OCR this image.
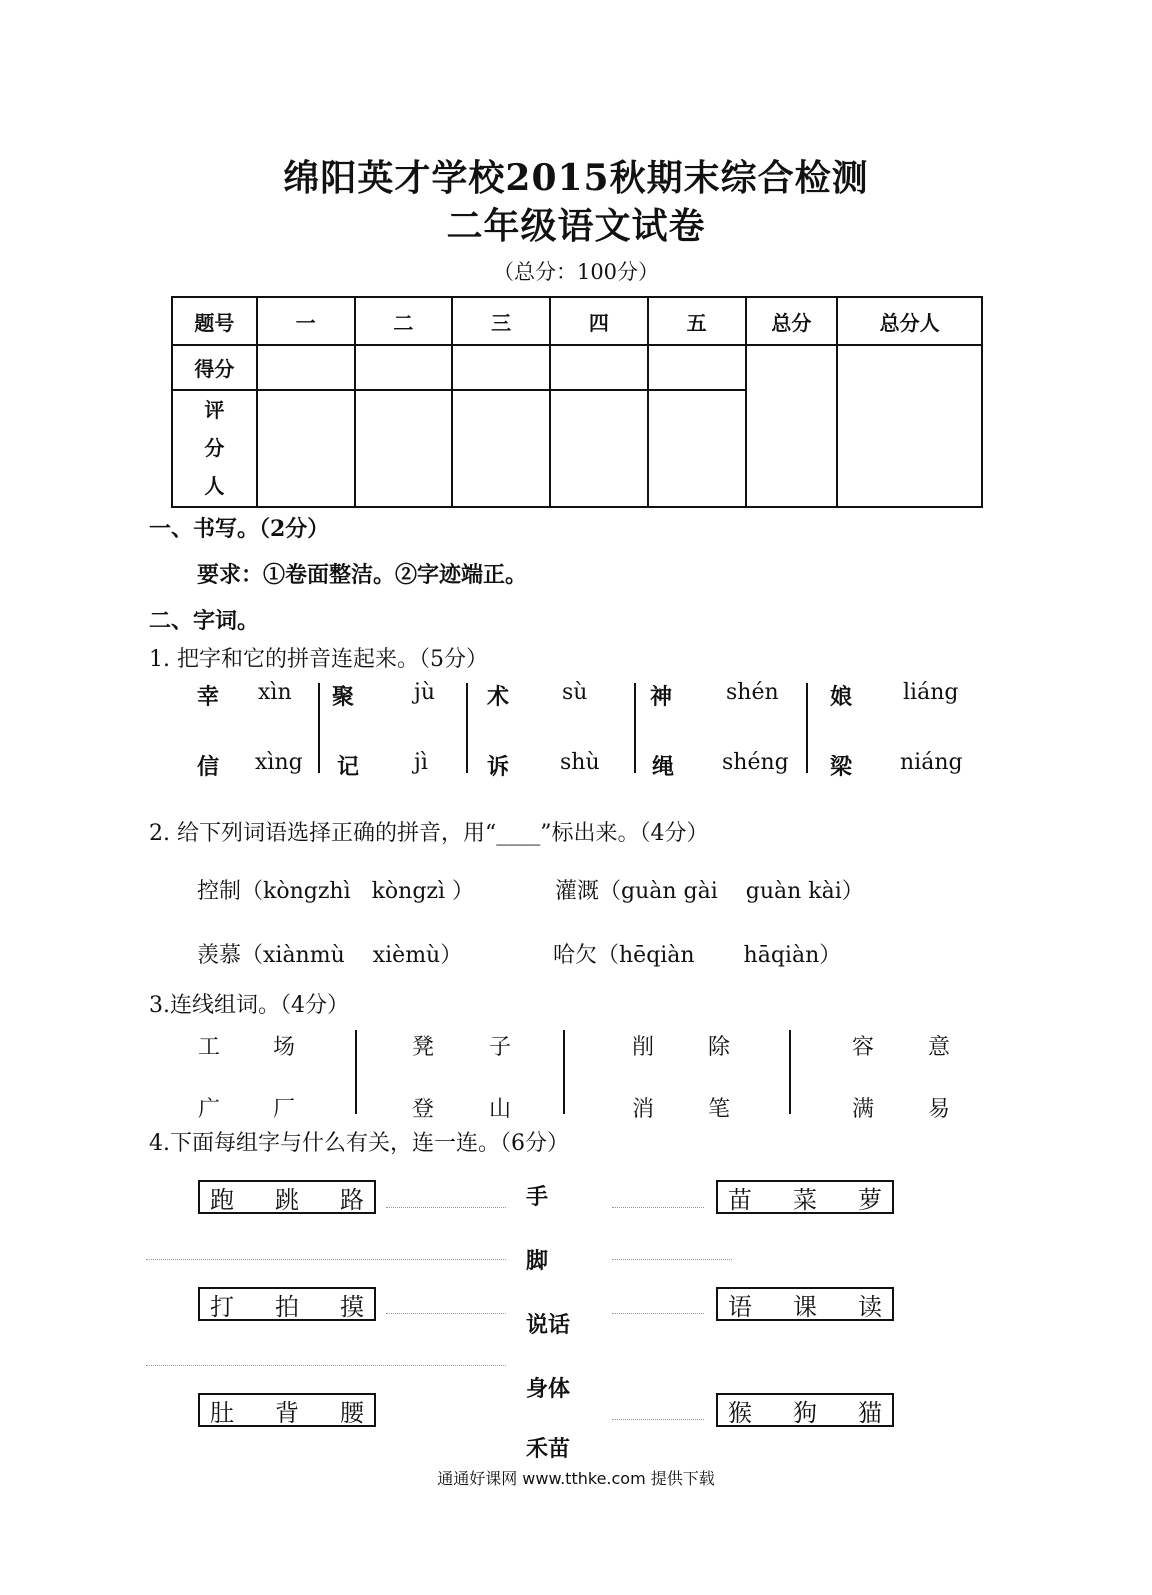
绵阳英才学校2015秋期末综合检测
二年级语文试卷
（总分：100分）
题号	一	二	三	四	五	总分	总分人
得分							

评
分
人							

一、书写。（2分）
要求：①卷面整洁。②字迹端正。
二、字词。
1. 把字和它的拼音连起来。（5分）
幸 xìn
信 xìng
聚	jù
记 jì
术 sù
诉 shù
神 shén
绳 shéng
娘 liáng
梁 niáng
2. 给下列词语选择正确的拼音，用“____”标出来。（4分）
控制（kòngzhì   kòngzì ）	灌溉（guàn gài    guàn kài）
羡慕（xiànmù    xièmù）	哈欠（hēqiàn       hāqiàn）
3.连线组词。（4分）
工 场
广 厂
凳 子
登 山
削 除
消 笔
容 意
满 易
4.下面每组字与什么有关，连一连。（6分）
跑 跳 路
打 拍 摸
肚 背 腰
手
脚
说话
身体
禾苗
苗 菜 萝
语 课 读
猴 狗 猫
通通好课网 www.tthke.com 提供下载
